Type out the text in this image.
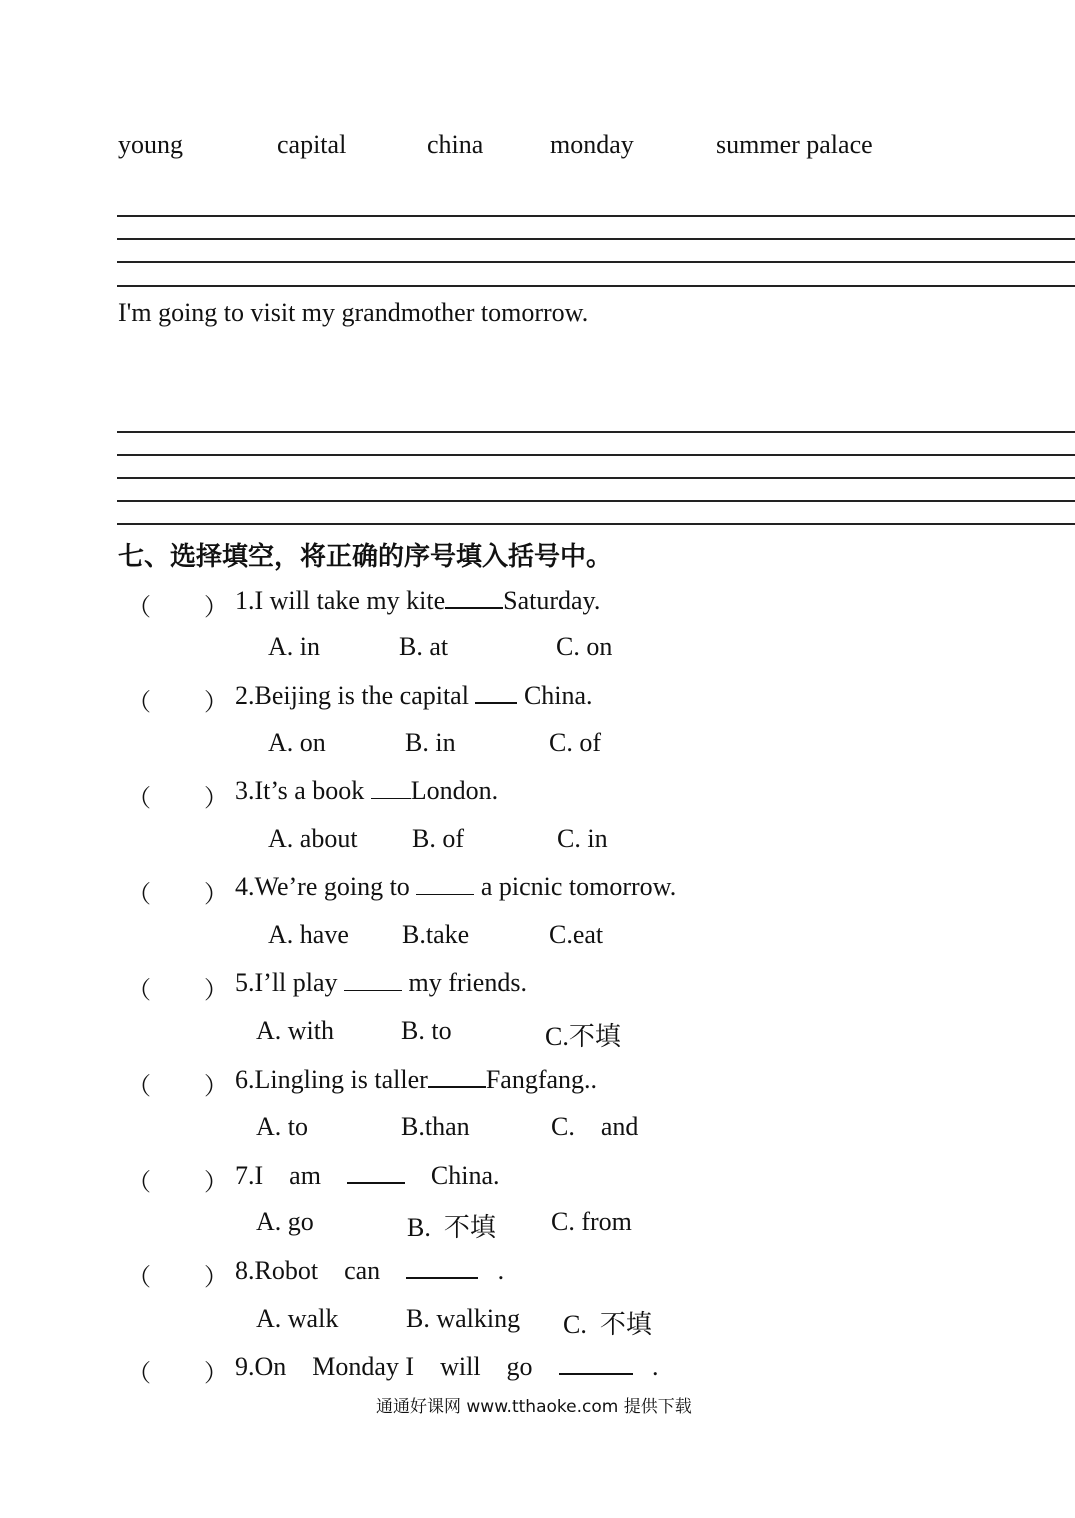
young	capital	china	monday	summer palace
I'm going to visit my grandmother tomorrow.
七、选择填空，将正确的序号填入括号中。
（ ） 1.I will take my kite Saturday.
A. in	B. at	C. on
（ ） 2.Beijing is the capital China.
A. on	B. in	C. of
（ ） 3.It’s a book London.
A. about B. of	C. in
（ ） 4.We’re going to	a picnic tomorrow.
A. have B.take	C.eat
（ ） 5.I’ll play	my friends.
A. with	B. to	C.不填
（ ） 6.Lingling is taller Fangfang..
A. to	B.than	C.    and
（ ） 7.I    am	China.
A. go	B.  不填 C. from
（ ） 8.Robot    can	.
A. walk	B. walking C.  不填
（ ） 9.On    Monday I    will    go	.
通通好课网 www.tthaoke.com 提供下载
